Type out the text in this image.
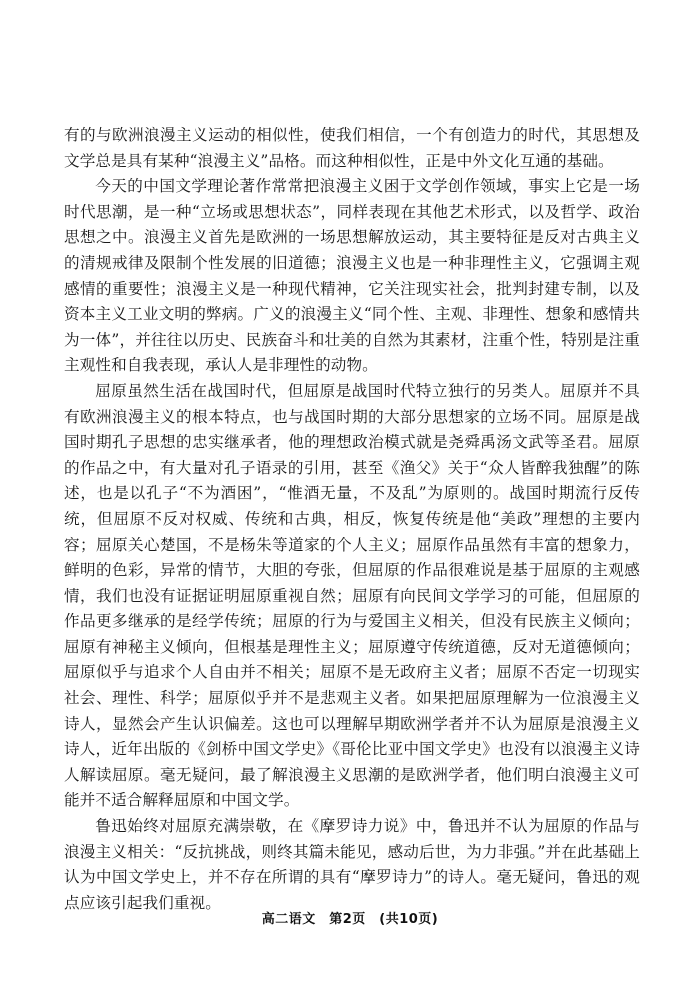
有的与欧洲浪漫主义运动的相似性，使我们相信，一个有创造力的时代，其思想及文学总是具有某种“浪漫主义”品格。而这种相似性，正是中外文化互通的基础。

今天的中国文学理论著作常常把浪漫主义困于文学创作领域，事实上它是一场时代思潮，是一种“立场或思想状态”，同样表现在其他艺术形式，以及哲学、政治思想之中。浪漫主义首先是欧洲的一场思想解放运动，其主要特征是反对古典主义的清规戒律及限制个性发展的旧道德；浪漫主义也是一种非理性主义，它强调主观感情的重要性；浪漫主义是一种现代精神，它关注现实社会，批判封建专制，以及资本主义工业文明的弊病。广义的浪漫主义“同个性、主观、非理性、想象和感情共为一体”，并往往以历史、民族奋斗和壮美的自然为其素材，注重个性，特别是注重主观性和自我表现，承认人是非理性的动物。

屈原虽然生活在战国时代，但屈原是战国时代特立独行的另类人。屈原并不具有欧洲浪漫主义的根本特点，也与战国时期的大部分思想家的立场不同。屈原是战国时期孔子思想的忠实继承者，他的理想政治模式就是尧舜禹汤文武等圣君。屈原的作品之中，有大量对孔子语录的引用，甚至《渔父》关于“众人皆醉我独醒”的陈述，也是以孔子“不为酒困”，“惟酒无量，不及乱”为原则的。战国时期流行反传统，但屈原不反对权威、传统和古典，相反，恢复传统是他“美政”理想的主要内容；屈原关心楚国，不是杨朱等道家的个人主义；屈原作品虽然有丰富的想象力，鲜明的色彩，异常的情节，大胆的夸张，但屈原的作品很难说是基于屈原的主观感情，我们也没有证据证明屈原重视自然；屈原有向民间文学学习的可能，但屈原的作品更多继承的是经学传统；屈原的行为与爱国主义相关，但没有民族主义倾向；屈原有神秘主义倾向，但根基是理性主义；屈原遵守传统道德，反对无道德倾向；屈原似乎与追求个人自由并不相关；屈原不是无政府主义者；屈原不否定一切现实社会、理性、科学；屈原似乎并不是悲观主义者。如果把屈原理解为一位浪漫主义诗人，显然会产生认识偏差。这也可以理解早期欧洲学者并不认为屈原是浪漫主义诗人，近年出版的《剑桥中国文学史》《哥伦比亚中国文学史》也没有以浪漫主义诗人解读屈原。毫无疑问，最了解浪漫主义思潮的是欧洲学者，他们明白浪漫主义可能并不适合解释屈原和中国文学。

鲁迅始终对屈原充满崇敬，在《摩罗诗力说》中，鲁迅并不认为屈原的作品与浪漫主义相关：“反抗挑战，则终其篇未能见，感动后世，为力非强。”并在此基础上认为中国文学史上，并不存在所谓的具有“摩罗诗力”的诗人。毫无疑问，鲁迅的观点应该引起我们重视。

高二语文　第2页　(共10页)
